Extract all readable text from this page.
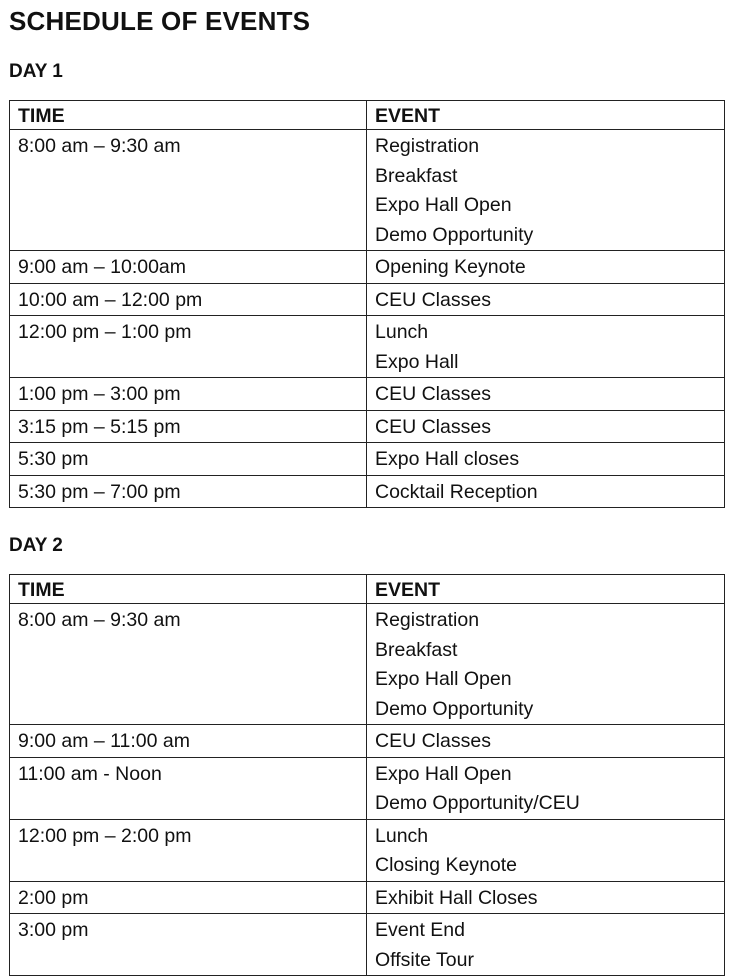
SCHEDULE OF EVENTS
DAY 1
TIME	EVENT

8:00 am – 9:30 am	Registration
Breakfast
Expo Hall Open
Demo Opportunity

9:00 am – 10:00am	Opening Keynote

10:00 am – 12:00 pm	CEU Classes

12:00 pm – 1:00 pm	Lunch
Expo Hall

1:00 pm – 3:00 pm	CEU Classes

3:15 pm – 5:15 pm	CEU Classes

5:30 pm	Expo Hall closes

5:30 pm – 7:00 pm	Cocktail Reception
DAY 2
TIME	EVENT

8:00 am – 9:30 am	Registration
Breakfast
Expo Hall Open
Demo Opportunity

9:00 am – 11:00 am	CEU Classes

11:00 am - Noon	Expo Hall Open
Demo Opportunity/CEU

12:00 pm – 2:00 pm	Lunch
Closing Keynote

2:00 pm	Exhibit Hall Closes

3:00 pm	Event End
Offsite Tour
